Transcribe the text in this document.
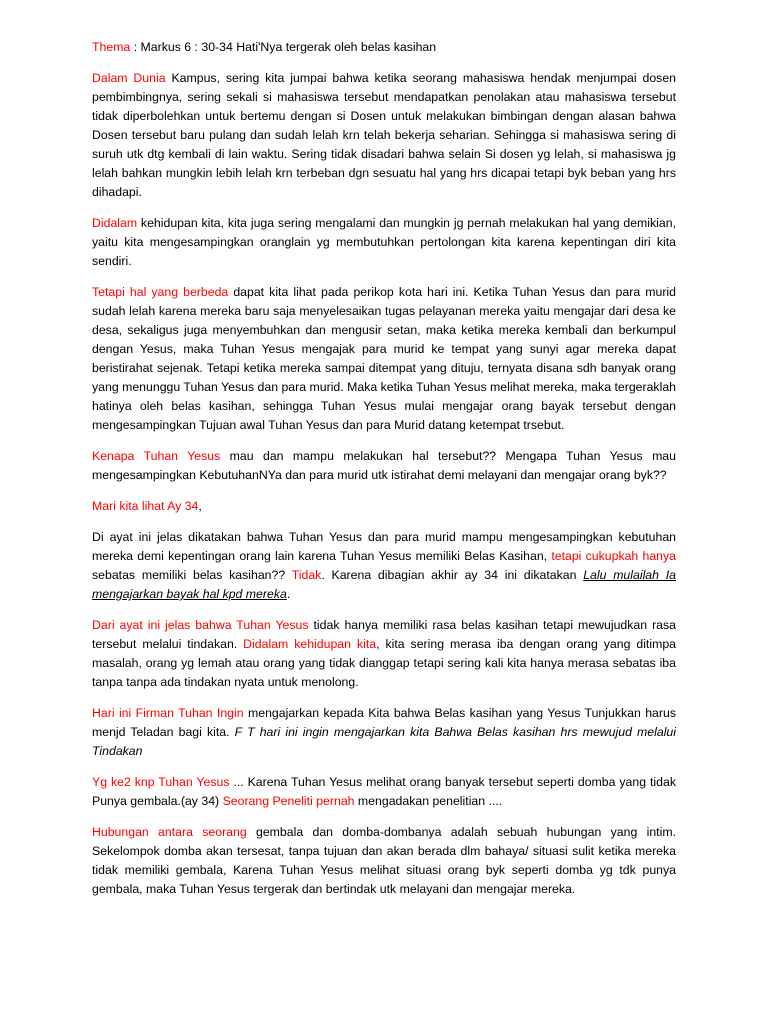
Thema : Markus 6 : 30-34 Hati'Nya tergerak oleh belas kasihan

Dalam Dunia Kampus, sering kita jumpai bahwa ketika seorang mahasiswa hendak menjumpai dosen pembimbingnya, sering sekali si mahasiswa tersebut mendapatkan penolakan atau mahasiswa tersebut tidak diperbolehkan untuk bertemu dengan si Dosen untuk melakukan bimbingan dengan alasan bahwa Dosen tersebut baru pulang dan sudah lelah krn telah bekerja seharian. Sehingga si mahasiswa sering di suruh utk dtg kembali di lain waktu. Sering tidak disadari bahwa selain Si dosen yg lelah, si mahasiswa jg lelah bahkan mungkin lebih lelah krn terbeban dgn sesuatu hal yang hrs dicapai tetapi byk beban yang hrs dihadapi.

Didalam kehidupan kita, kita juga sering mengalami dan mungkin jg pernah melakukan hal yang demikian, yaitu kita mengesampingkan oranglain yg membutuhkan pertolongan kita karena kepentingan diri kita sendiri.

Tetapi hal yang berbeda dapat kita lihat pada perikop kota hari ini. Ketika Tuhan Yesus dan para murid sudah lelah karena mereka baru saja menyelesaikan tugas pelayanan mereka yaitu mengajar dari desa ke desa, sekaligus juga menyembuhkan dan mengusir setan, maka ketika mereka kembali dan berkumpul dengan Yesus, maka Tuhan Yesus mengajak para murid ke tempat yang sunyi agar mereka dapat beristirahat sejenak. Tetapi ketika mereka sampai ditempat yang dituju, ternyata disana sdh banyak orang yang menunggu Tuhan Yesus dan para murid. Maka ketika Tuhan Yesus melihat mereka, maka tergeraklah hatinya oleh belas kasihan, sehingga Tuhan Yesus mulai mengajar orang bayak tersebut dengan mengesampingkan Tujuan awal Tuhan Yesus dan para Murid datang ketempat trsebut.

Kenapa Tuhan Yesus mau dan mampu melakukan hal tersebut?? Mengapa Tuhan Yesus mau mengesampingkan KebutuhanNYa dan para murid utk istirahat demi melayani dan mengajar orang byk??

Mari kita lihat Ay 34,

Di ayat ini jelas dikatakan bahwa Tuhan Yesus dan para murid mampu mengesampingkan kebutuhan mereka demi kepentingan orang lain karena Tuhan Yesus memiliki Belas Kasihan, tetapi cukupkah hanya sebatas memiliki belas kasihan?? Tidak. Karena dibagian akhir ay 34 ini dikatakan Lalu mulailah Ia mengajarkan bayak hal kpd mereka.

Dari ayat ini jelas bahwa Tuhan Yesus tidak hanya memiliki rasa belas kasihan tetapi mewujudkan rasa tersebut melalui tindakan. Didalam kehidupan kita, kita sering merasa iba dengan orang yang ditimpa masalah, orang yg lemah atau orang yang tidak dianggap tetapi sering kali kita hanya merasa sebatas iba tanpa tanpa ada tindakan nyata untuk menolong.

Hari ini Firman Tuhan Ingin mengajarkan kepada Kita bahwa Belas kasihan yang Yesus Tunjukkan harus menjd Teladan bagi kita. F T hari ini ingin mengajarkan kita Bahwa Belas kasihan hrs mewujud melalui Tindakan

Yg ke2 knp Tuhan Yesus ... Karena Tuhan Yesus melihat orang banyak tersebut seperti domba yang tidak Punya gembala.(ay 34) Seorang Peneliti pernah mengadakan penelitian ....

Hubungan antara seorang gembala dan domba-dombanya adalah sebuah hubungan yang intim. Sekelompok domba akan tersesat, tanpa tujuan dan akan berada dlm bahaya/ situasi sulit ketika mereka tidak memiliki gembala, Karena Tuhan Yesus melihat situasi orang byk seperti domba yg tdk punya gembala, maka Tuhan Yesus tergerak dan bertindak utk melayani dan mengajar mereka.
